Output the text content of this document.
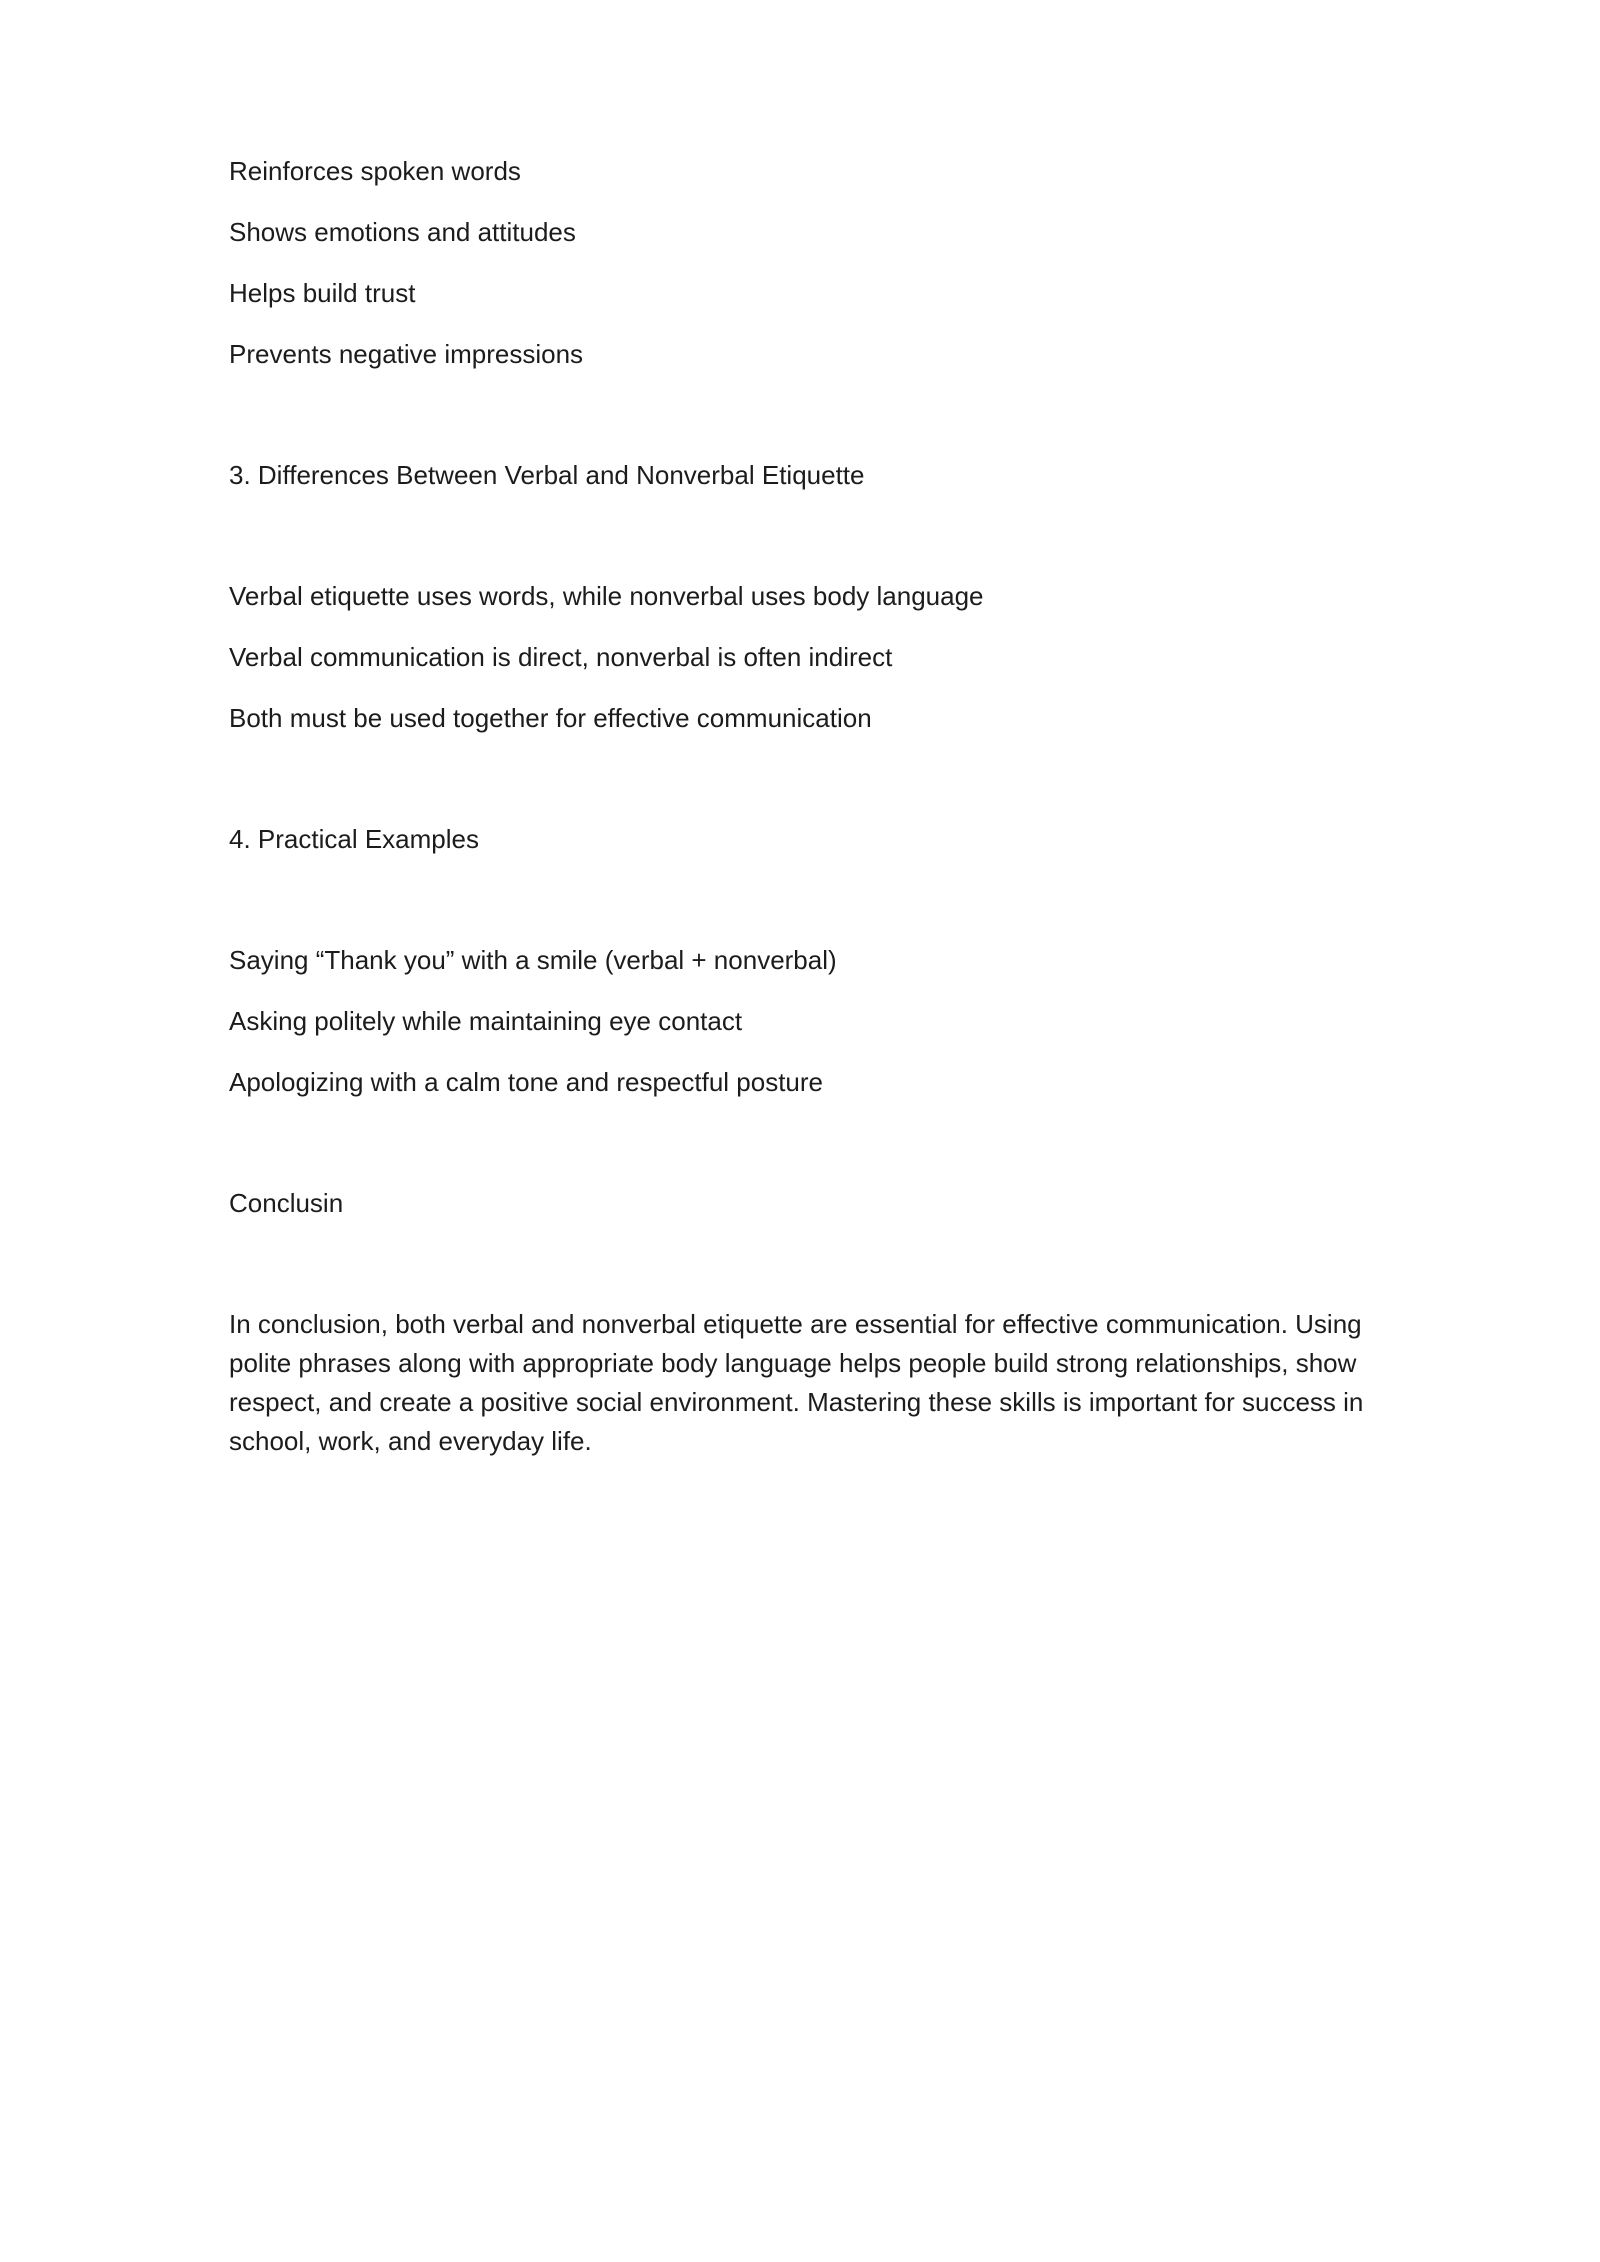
Reinforces spoken words
Shows emotions and attitudes
Helps build trust
Prevents negative impressions
3. Differences Between Verbal and Nonverbal Etiquette
Verbal etiquette uses words, while nonverbal uses body language
Verbal communication is direct, nonverbal is often indirect
Both must be used together for effective communication
4. Practical Examples
Saying “Thank you” with a smile (verbal + nonverbal)
Asking politely while maintaining eye contact
Apologizing with a calm tone and respectful posture
Conclusin

In conclusion, both verbal and nonverbal etiquette are essential for effective communication. Using polite phrases along with appropriate body language helps people build strong relationships, show respect, and create a positive social environment. Mastering these skills is important for success in school, work, and everyday life.
